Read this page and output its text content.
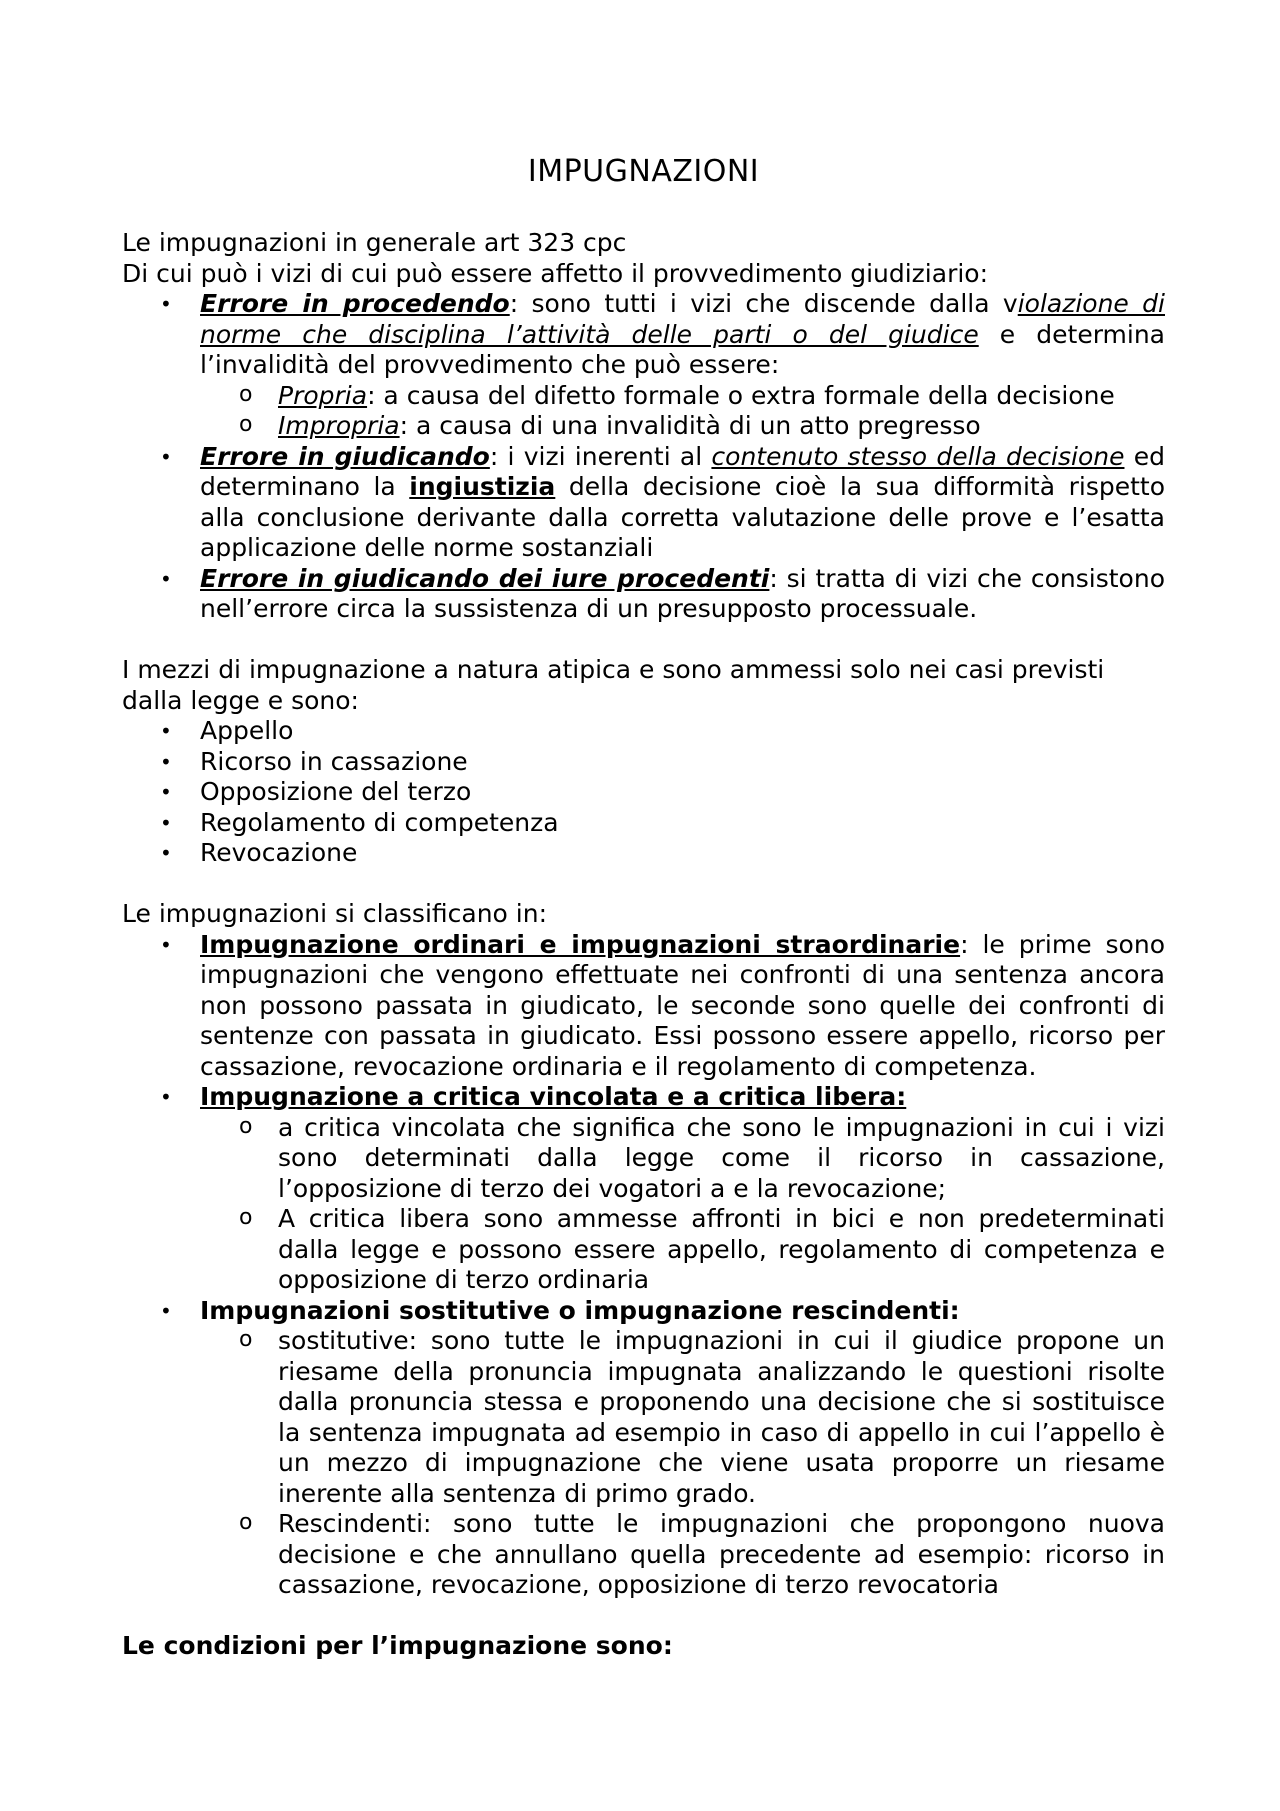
IMPUGNAZIONI

Le impugnazioni in generale art 323 cpc

Di cui può i vizi di cui può essere affetto il provvedimento giudiziario:

• Errore in procedendo: sono tutti i vizi che discende dalla violazione di norme che disciplina l’attività delle parti o del giudice e determina l’invalidità del provvedimento che può essere:
o Propria: a causa del difetto formale o extra formale della decisione
o Impropria: a causa di una invalidità di un atto pregresso
• Errore in giudicando: i vizi inerenti al contenuto stesso della decisione ed determinano la ingiustizia della decisione cioè la sua difformità rispetto alla conclusione derivante dalla corretta valutazione delle prove e l’esatta applicazione delle norme sostanziali
• Errore in giudicando dei iure procedenti: si tratta di vizi che consistono nell’errore circa la sussistenza di un presupposto processuale.

I mezzi di impugnazione a natura atipica e sono ammessi solo nei casi previsti dalla legge e sono:

• Appello
• Ricorso in cassazione
• Opposizione del terzo
• Regolamento di competenza
• Revocazione

Le impugnazioni si classificano in:

• Impugnazione ordinari e impugnazioni straordinarie: le prime sono impugnazioni che vengono effettuate nei confronti di una sentenza ancora non possono passata in giudicato, le seconde sono quelle dei confronti di sentenze con passata in giudicato. Essi possono essere appello, ricorso per cassazione, revocazione ordinaria e il regolamento di competenza.
• Impugnazione a critica vincolata e a critica libera:
o a critica vincolata che significa che sono le impugnazioni in cui i vizi sono determinati dalla legge come il ricorso in cassazione, l’opposizione di terzo dei vogatori a e la revocazione;
o A critica libera sono ammesse affronti in bici e non predeterminati dalla legge e possono essere appello, regolamento di competenza e opposizione di terzo ordinaria
• Impugnazioni sostitutive o impugnazione rescindenti:
o sostitutive: sono tutte le impugnazioni in cui il giudice propone un riesame della pronuncia impugnata analizzando le questioni risolte dalla pronuncia stessa e proponendo una decisione che si sostituisce la sentenza impugnata ad esempio in caso di appello in cui l’appello è un mezzo di impugnazione che viene usata proporre un riesame inerente alla sentenza di primo grado.
o Rescindenti: sono tutte le impugnazioni che propongono nuova decisione e che annullano quella precedente ad esempio: ricorso in cassazione, revocazione, opposizione di terzo revocatoria

Le condizioni per l’impugnazione sono:
